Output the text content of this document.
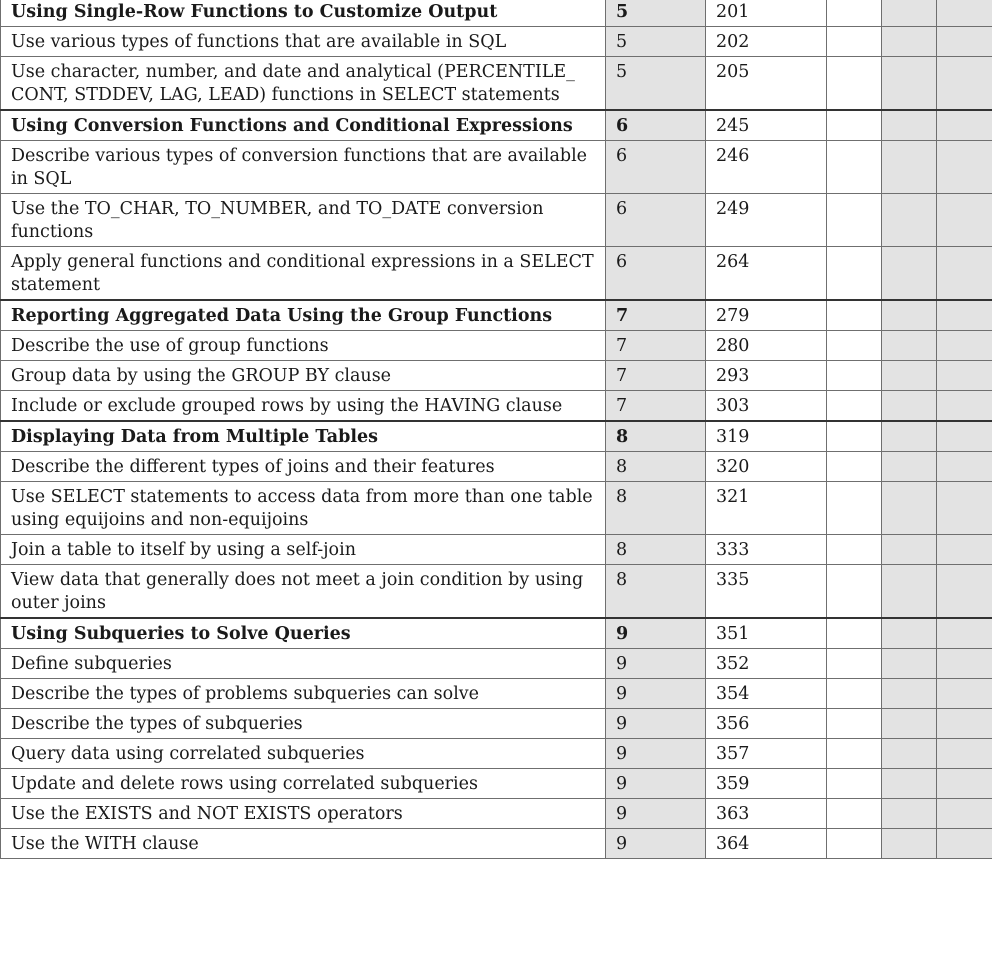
Using Single-Row Functions to Customize Output	5	201			
Use various types of functions that are available in SQL	5	202			
Use character, number, and date and analytical (PERCENTILE_ CONT, STDDEV, LAG, LEAD) functions in SELECT statements	5	205			
Using Conversion Functions and Conditional Expressions	6	245			
Describe various types of conversion functions that are available in SQL	6	246			
Use the TO_CHAR, TO_NUMBER, and TO_DATE conversion functions	6	249			
Apply general functions and conditional expressions in a SELECT statement	6	264			
Reporting Aggregated Data Using the Group Functions	7	279			
Describe the use of group functions	7	280			
Group data by using the GROUP BY clause	7	293			
Include or exclude grouped rows by using the HAVING clause	7	303			
Displaying Data from Multiple Tables	8	319			
Describe the different types of joins and their features	8	320			
Use SELECT statements to access data from more than one table using equijoins and non-equijoins	8	321			
Join a table to itself by using a self-join	8	333			
View data that generally does not meet a join condition by using outer joins	8	335			
Using Subqueries to Solve Queries	9	351			
Define subqueries	9	352			
Describe the types of problems subqueries can solve	9	354			
Describe the types of subqueries	9	356			
Query data using correlated subqueries	9	357			
Update and delete rows using correlated subqueries	9	359			
Use the EXISTS and NOT EXISTS operators	9	363			
Use the WITH clause	9	364			
